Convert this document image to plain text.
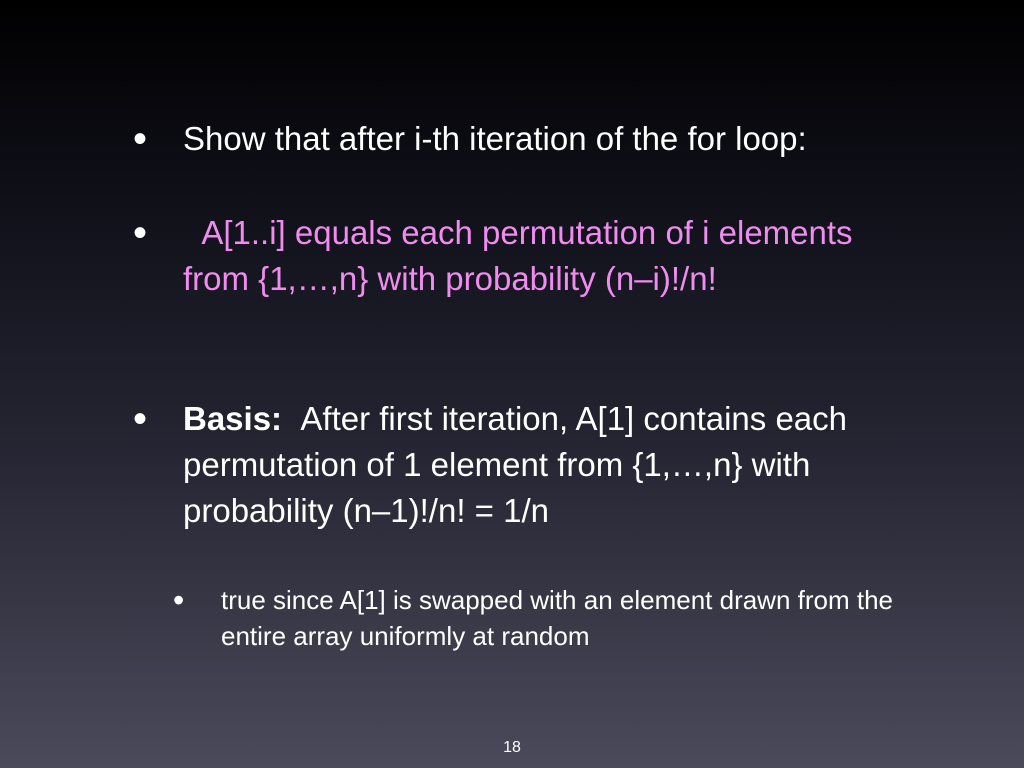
•	Show that after i-th iteration of the for loop:
•	A[1..i] equals each permutation of i elements from {1,…,n} with probability (n–i)!/n!
•	Basis: After first iteration, A[1] contains each permutation of 1 element from {1,…,n} with probability (n–1)!/n! = 1/n
•	true since A[1] is swapped with an element drawn from the entire array uniformly at random
18
